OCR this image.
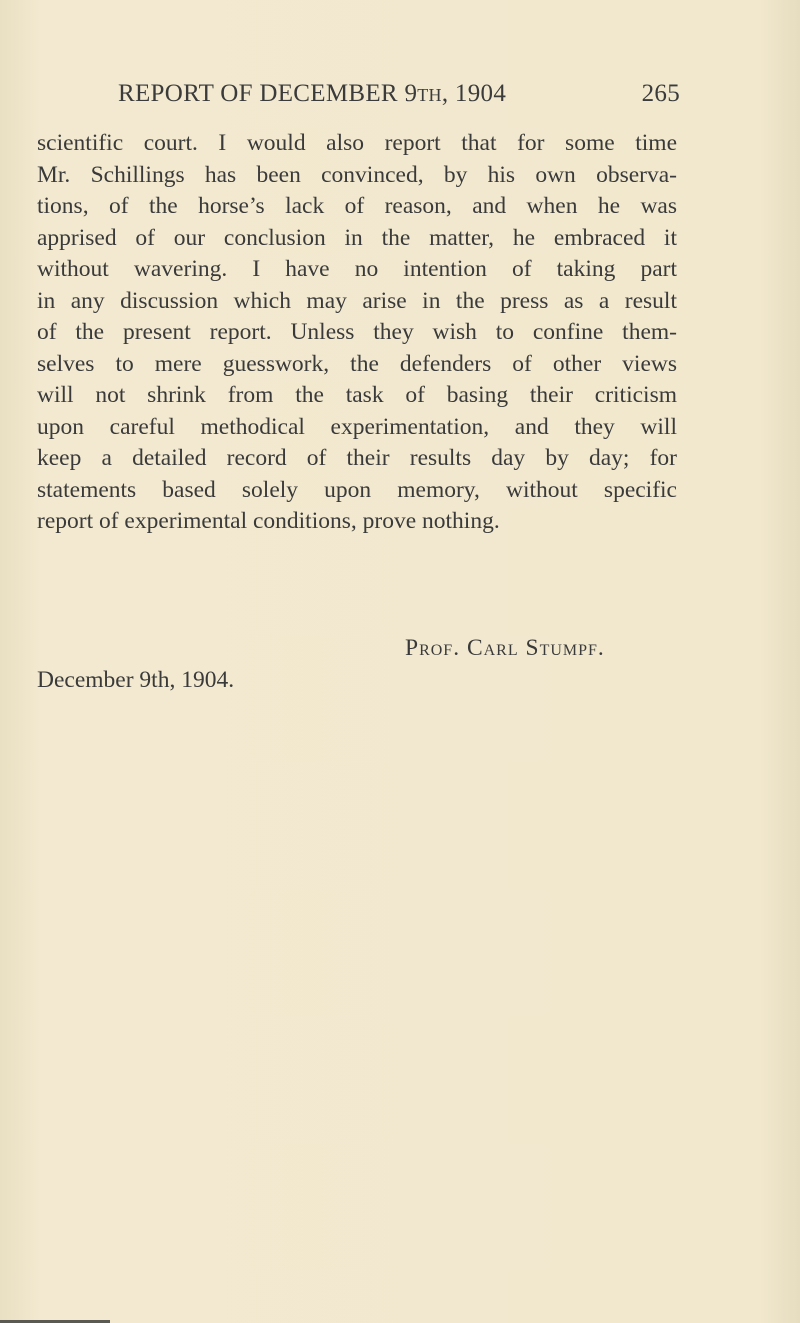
REPORT OF DECEMBER 9th, 1904	265
scientific court. I would also report that for some time
Mr. Schillings has been convinced, by his own observa-
tions, of the horse’s lack of reason, and when he was
apprised of our conclusion in the matter, he embraced it
without wavering. I have no intention of taking part
in any discussion which may arise in the press as a result
of the present report. Unless they wish to confine them-
selves to mere guesswork, the defenders of other views
will not shrink from the task of basing their criticism
upon careful methodical experimentation, and they will
keep a detailed record of their results day by day; for
statements based solely upon memory, without specific
report of experimental conditions, prove nothing.
Prof. Carl Stumpf.
December 9th, 1904.
